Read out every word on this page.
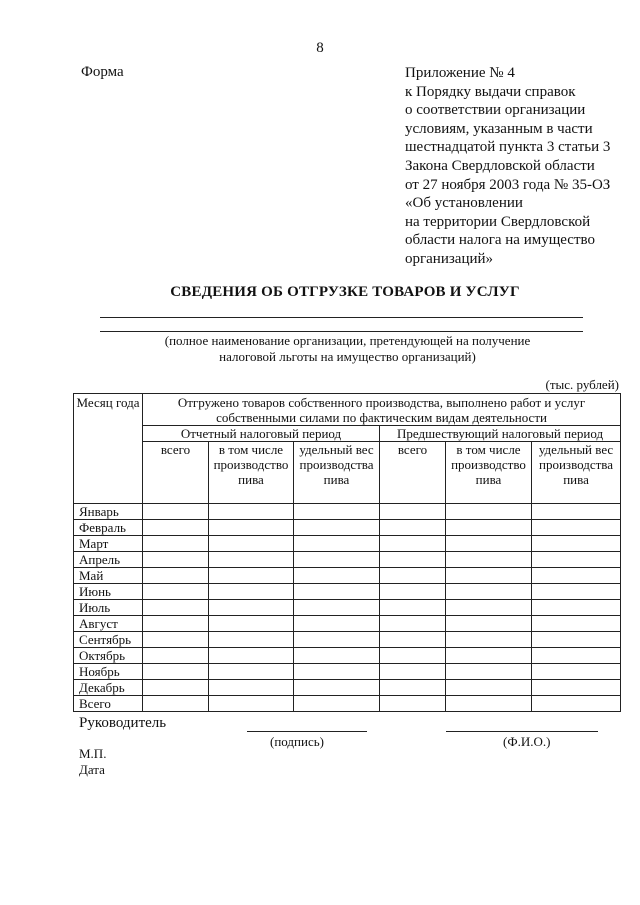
8
Форма	Приложение № 4
к Порядку выдачи справок
о соответствии организации
условиям, указанным в части
шестнадцатой пункта 3 статьи 3
Закона Свердловской области
от 27 ноября 2003 года № 35-ОЗ
«Об установлении
на территории Свердловской
области налога на имущество
организаций»
СВЕДЕНИЯ ОБ ОТГРУЗКЕ ТОВАРОВ И УСЛУГ
(полное наименование организации, претендующей на получение
налоговой льготы на имущество организаций)
(тыс. рублей)
Месяц года	Отгружено товаров собственного производства, выполнено работ и услуг собственными силами по фактическим видам деятельности					
	Отчетный налоговый период			Предшествующий налоговый период		
	всего	в том числе производство пива	удельный вес производства пива	всего	в том числе производство пива	удельный вес производства пива
Январь						
Февраль						
Март						
Апрель						
Май						
Июнь						
Июль						
Август						
Сентябрь						
Октябрь						
Ноябрь						
Декабрь						
Всего						
Руководитель
(подпись)	(Ф.И.О.)
М.П.
Дата
